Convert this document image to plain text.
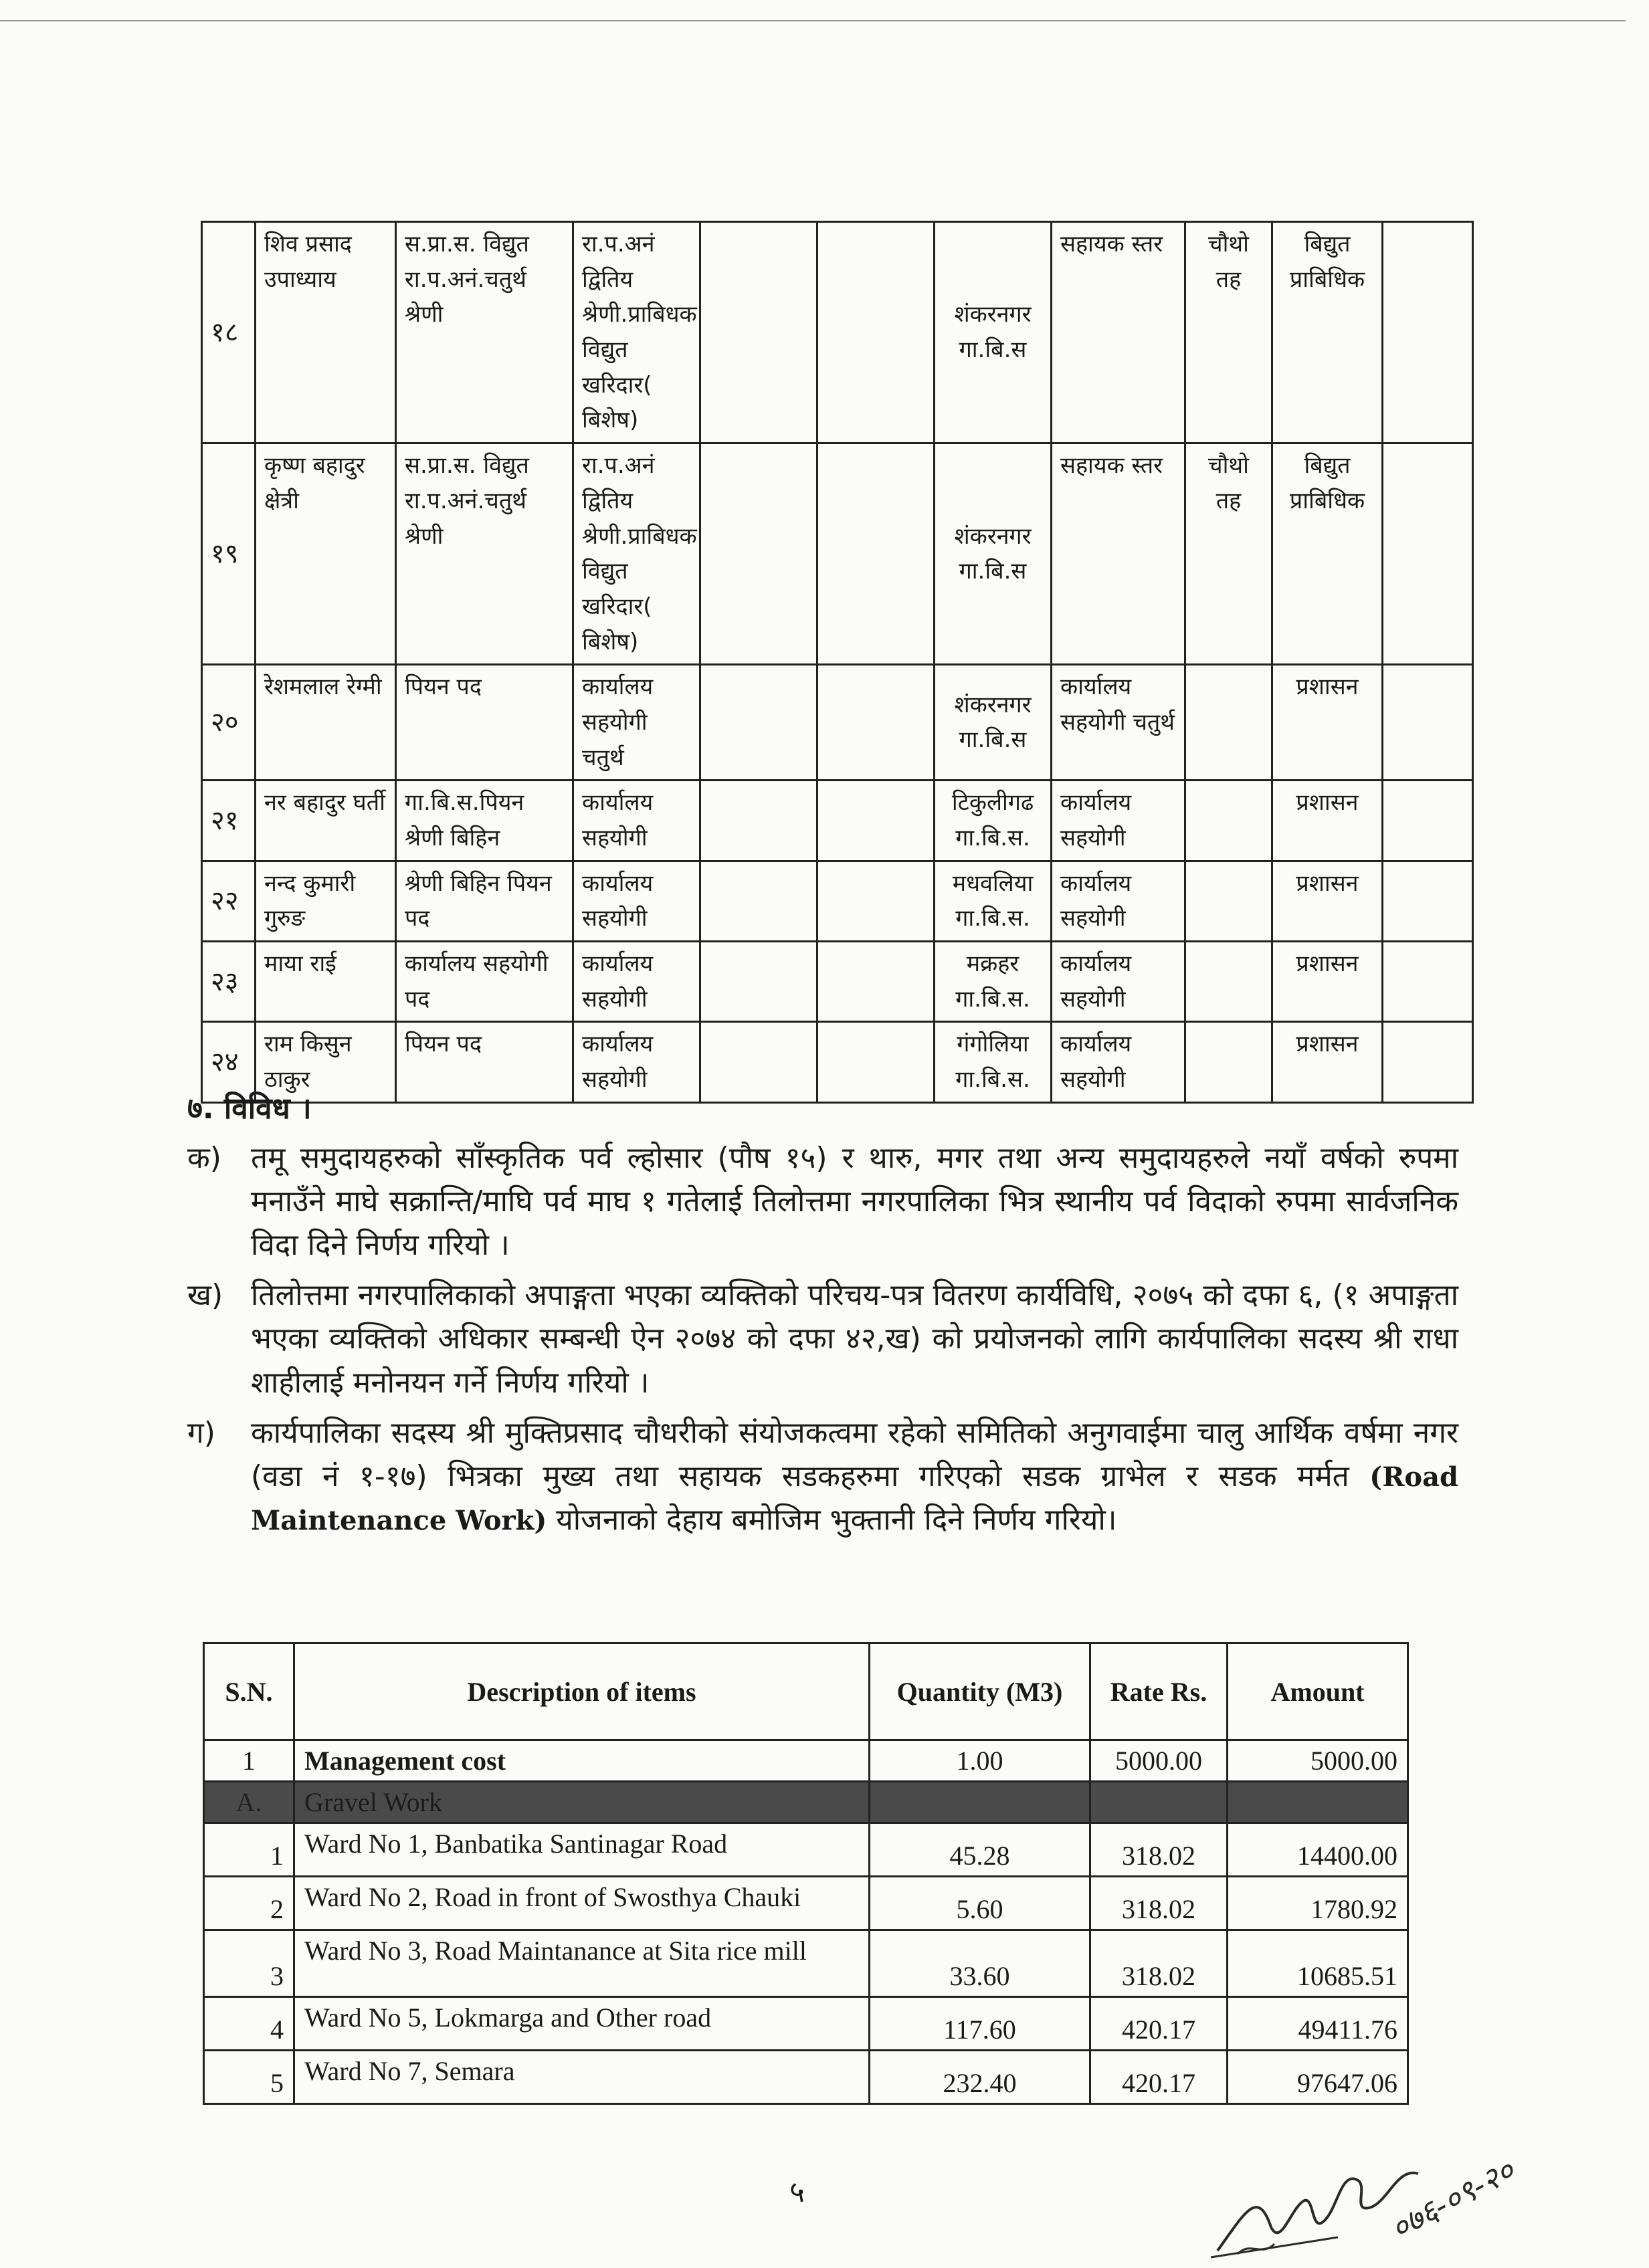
१८	शिव प्रसाद उपाध्याय	स.प्रा.स. विद्युत रा.प.अनं.चतुर्थ श्रेणी	रा.प.अनं द्वितिय श्रेणी.प्राबिधक विद्युत खरिदार( बिशेष)			शंकरनगर गा.बि.स	सहायक स्तर	चौथो तह	बिद्युत प्राबिधिक	
१९	कृष्ण बहादुर क्षेत्री	स.प्रा.स. विद्युत रा.प.अनं.चतुर्थ श्रेणी	रा.प.अनं द्वितिय श्रेणी.प्राबिधक विद्युत खरिदार( बिशेष)			शंकरनगर गा.बि.स	सहायक स्तर	चौथो तह	बिद्युत प्राबिधिक	
२०	रेशमलाल रेग्मी	पियन पद	कार्यालय सहयोगी चतुर्थ			शंकरनगर गा.बि.स	कार्यालय सहयोगी चतुर्थ		प्रशासन	
२१	नर बहादुर घर्ती	गा.बि.स.पियन श्रेणी बिहिन	कार्यालय सहयोगी			टिकुलीगढ गा.बि.स.	कार्यालय सहयोगी		प्रशासन	
२२	नन्द कुमारी गुरुङ	श्रेणी बिहिन पियन पद	कार्यालय सहयोगी			मधवलिया गा.बि.स.	कार्यालय सहयोगी		प्रशासन	
२३	माया राई	कार्यालय सहयोगी पद	कार्यालय सहयोगी			मक्रहर गा.बि.स.	कार्यालय सहयोगी		प्रशासन	
२४	राम किसुन ठाकुर	पियन पद	कार्यालय सहयोगी			गंगोलिया गा.बि.स.	कार्यालय सहयोगी		प्रशासन	
७. विविध ।

क) तमू समुदायहरुको साँस्कृतिक पर्व ल्होसार (पौष १५) र थारु, मगर तथा अन्य समुदायहरुले नयाँ वर्षको रुपमा मनाउँने माघे सक्रान्ति/माघि पर्व माघ १ गतेलाई तिलोत्तमा नगरपालिका भित्र स्थानीय पर्व विदाको रुपमा सार्वजनिक विदा दिने निर्णय गरियो ।

ख) तिलोत्तमा नगरपालिकाको अपाङ्गता भएका व्यक्तिको परिचय-पत्र वितरण कार्यविधि, २०७५ को दफा ६, (१ अपाङ्गता भएका व्यक्तिको अधिकार सम्बन्धी ऐन २०७४ को दफा ४२,ख) को प्रयोजनको लागि कार्यपालिका सदस्य श्री राधा शाहीलाई मनोनयन गर्ने निर्णय गरियो ।

ग) कार्यपालिका सदस्य श्री मुक्तिप्रसाद चौधरीको संयोजकत्वमा रहेको समितिको अनुगवाईमा चालु आर्थिक वर्षमा नगर (वडा नं १-१७) भित्रका मुख्य तथा सहायक सडकहरुमा गरिएको सडक ग्राभेल र सडक मर्मत (Road Maintenance Work) योजनाको देहाय बमोजिम भुक्तानी दिने निर्णय गरियो।

S.N.	Description of items	Quantity (M3)	Rate Rs.	Amount
1	Management cost	1.00	5000.00	5000.00
A.	Gravel Work			
1	Ward No 1, Banbatika Santinagar Road	45.28	318.02	14400.00
2	Ward No 2, Road in front of Swosthya Chauki	5.60	318.02	1780.92
3	Ward No 3, Road Maintanance at Sita rice mill	33.60	318.02	10685.51
4	Ward No 5, Lokmarga and Other road	117.60	420.17	49411.76
5	Ward No 7, Semara	232.40	420.17	97647.06
५	०७६-०९-२०
